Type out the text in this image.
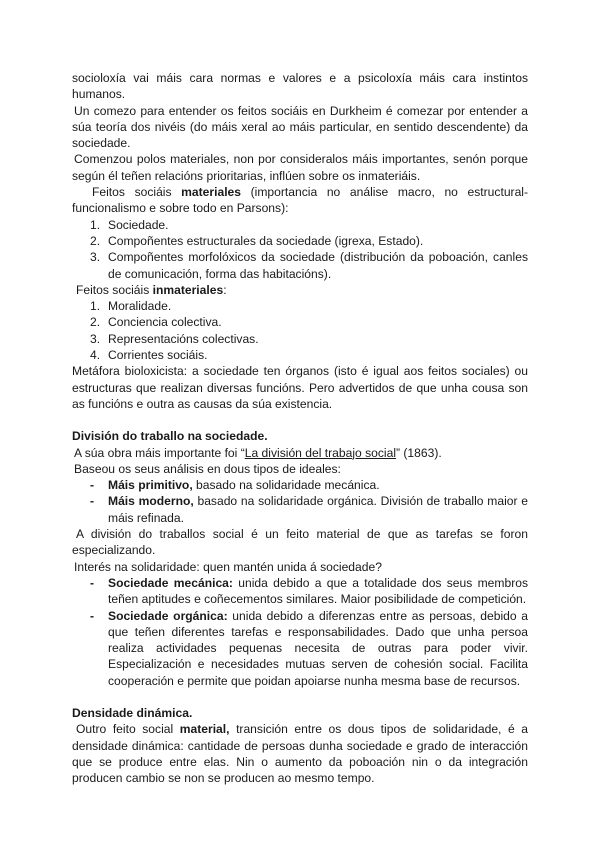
socioloxía vai máis cara normas e valores e a psicoloxía máis cara instintos humanos.

Un comezo para entender os feitos sociáis en Durkheim é comezar por entender a súa teoría dos nivéis (do máis xeral ao máis particular, en sentido descendente) da sociedade.

Comenzou polos materiales, non por consideralos máis importantes, senón porque según él teñen relacións prioritarias, inflúen sobre os inmateriáis.

Feitos sociáis materiales (importancia no análise macro, no estructural-funcionalismo e sobre todo en Parsons):

1. Sociedade.
2. Compoñentes estructurales da sociedade (igrexa, Estado).
3. Compoñentes morfolóxicos da sociedade (distribución da poboación, canles de comunicación, forma das habitacións).

Feitos sociáis inmateriales:

1. Moralidade.
2. Conciencia colectiva.
3. Representacións colectivas.
4. Corrientes sociáis.

Metáfora bioloxicista: a sociedade ten órganos (isto é igual aos feitos sociales) ou estructuras que realizan diversas funcións. Pero advertidos de que unha cousa son as funcións e outra as causas da súa existencia.

División do traballo na sociedade.

A súa obra máis importante foi “La división del trabajo social” (1863).

Baseou os seus análisis en dous tipos de ideales:

- Máis primitivo, basado na solidaridade mecánica.
- Máis moderno, basado na solidaridade orgánica. División de traballo maior e máis refinada.

A división do traballos social é un feito material de que as tarefas se foron especializando.

Interés na solidaridade: quen mantén unida á sociedade?

- Sociedade mecánica: unida debido a que a totalidade dos seus membros teñen aptitudes e coñecementos similares. Maior posibilidade de competición.
- Sociedade orgánica: unida debido a diferenzas entre as persoas, debido a que teñen diferentes tarefas e responsabilidades. Dado que unha persoa realiza actividades pequenas necesita de outras para poder vivir. Especialización e necesidades mutuas serven de cohesión social. Facilita cooperación e permite que poidan apoiarse nunha mesma base de recursos.

Densidade dinámica.

Outro feito social material, transición entre os dous tipos de solidaridade, é a densidade dinámica: cantidade de persoas dunha sociedade e grado de interacción que se produce entre elas. Nin o aumento da poboación nin o da integración producen cambio se non se producen ao mesmo tempo.
